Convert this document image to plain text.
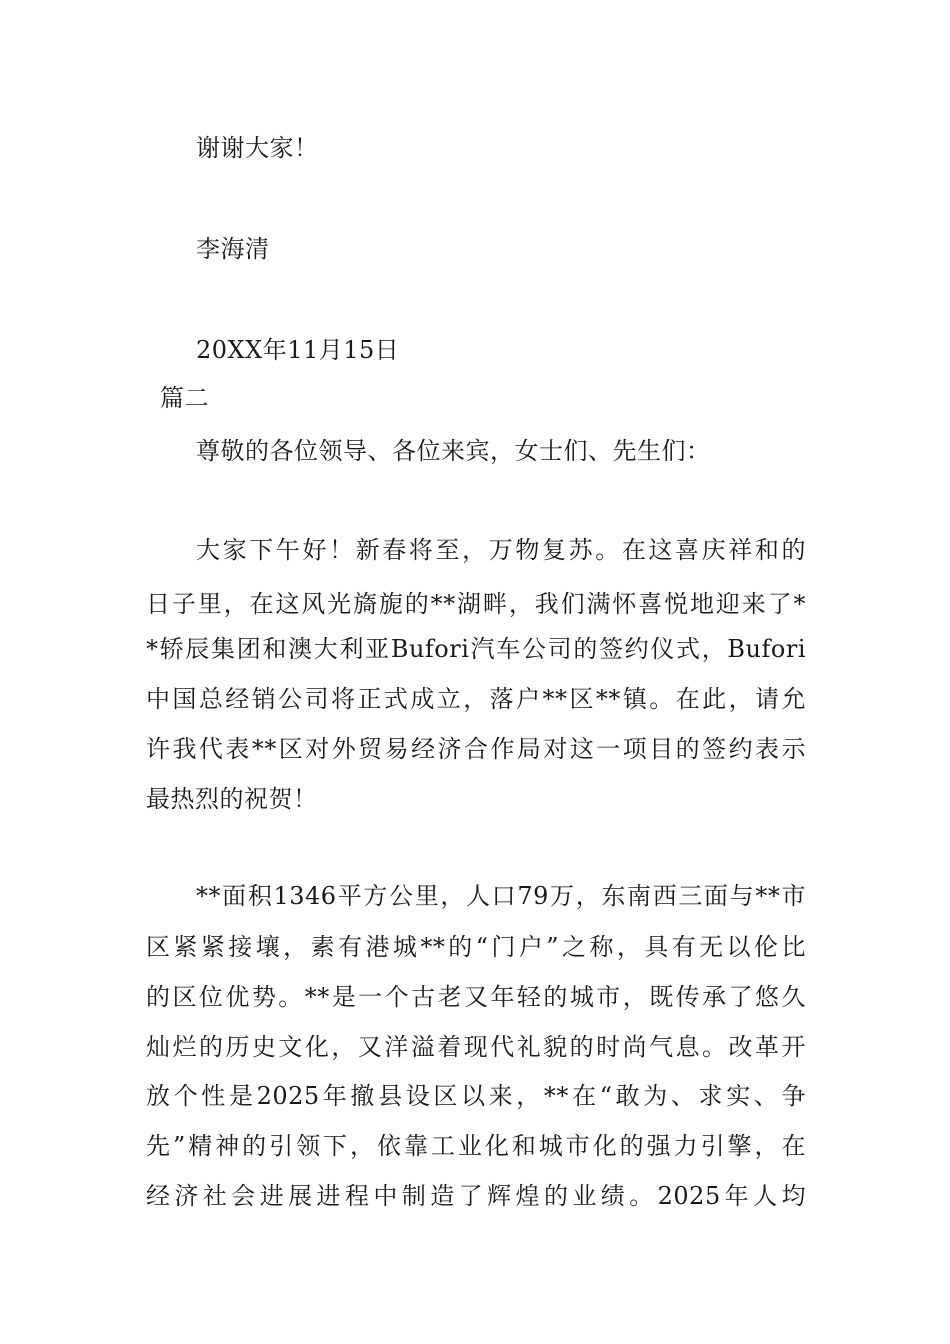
谢谢大家！
李海清
20XX年11月15日
篇二
尊敬的各位领导、各位来宾，女士们、先生们：
大家下午好！新春将至，万物复苏。在这喜庆祥和的
日子里，在这风光旖旎的**湖畔，我们满怀喜悦地迎来了*
*轿辰集团和澳大利亚Bufori汽车公司的签约仪式，Bufori
中国总经销公司将正式成立，落户**区**镇。在此，请允
许我代表**区对外贸易经济合作局对这一项目的签约表示
最热烈的祝贺！
**面积1346平方公里，人口79万，东南西三面与**市
区紧紧接壤，素有港城**的“门户”之称，具有无以伦比
的区位优势。**是一个古老又年轻的城市，既传承了悠久
灿烂的历史文化，又洋溢着现代礼貌的时尚气息。改革开
放个性是2025年撤县设区以来，**在“敢为、求实、争
先”精神的引领下，依靠工业化和城市化的强力引擎，在
经济社会进展进程中制造了辉煌的业绩。2025年人均
